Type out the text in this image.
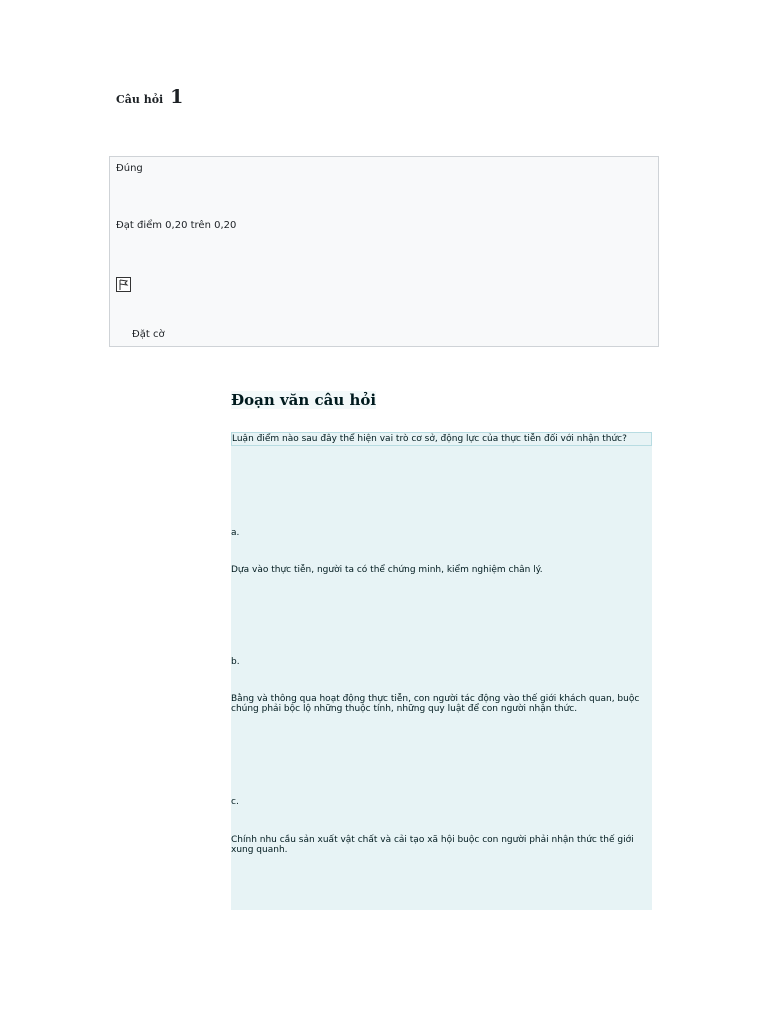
Câu hỏi 1
Đúng
Đạt điểm 0,20 trên 0,20
Đặt cờ
Đoạn văn câu hỏi
Luận điểm nào sau đây thể hiện vai trò cơ sở, động lực của thực tiễn đối với nhận thức?
a.
Dựa vào thực tiễn, người ta có thể chứng minh, kiểm nghiệm chân lý.
b.
Bằng và thông qua hoạt động thực tiễn, con người tác động vào thế giới khách quan, buộc chúng phải bộc lộ những thuộc tính, những quy luật để con người nhận thức.
c.
Chính nhu cầu sản xuất vật chất và cải tạo xã hội buộc con người phải nhận thức thế giới xung quanh.
